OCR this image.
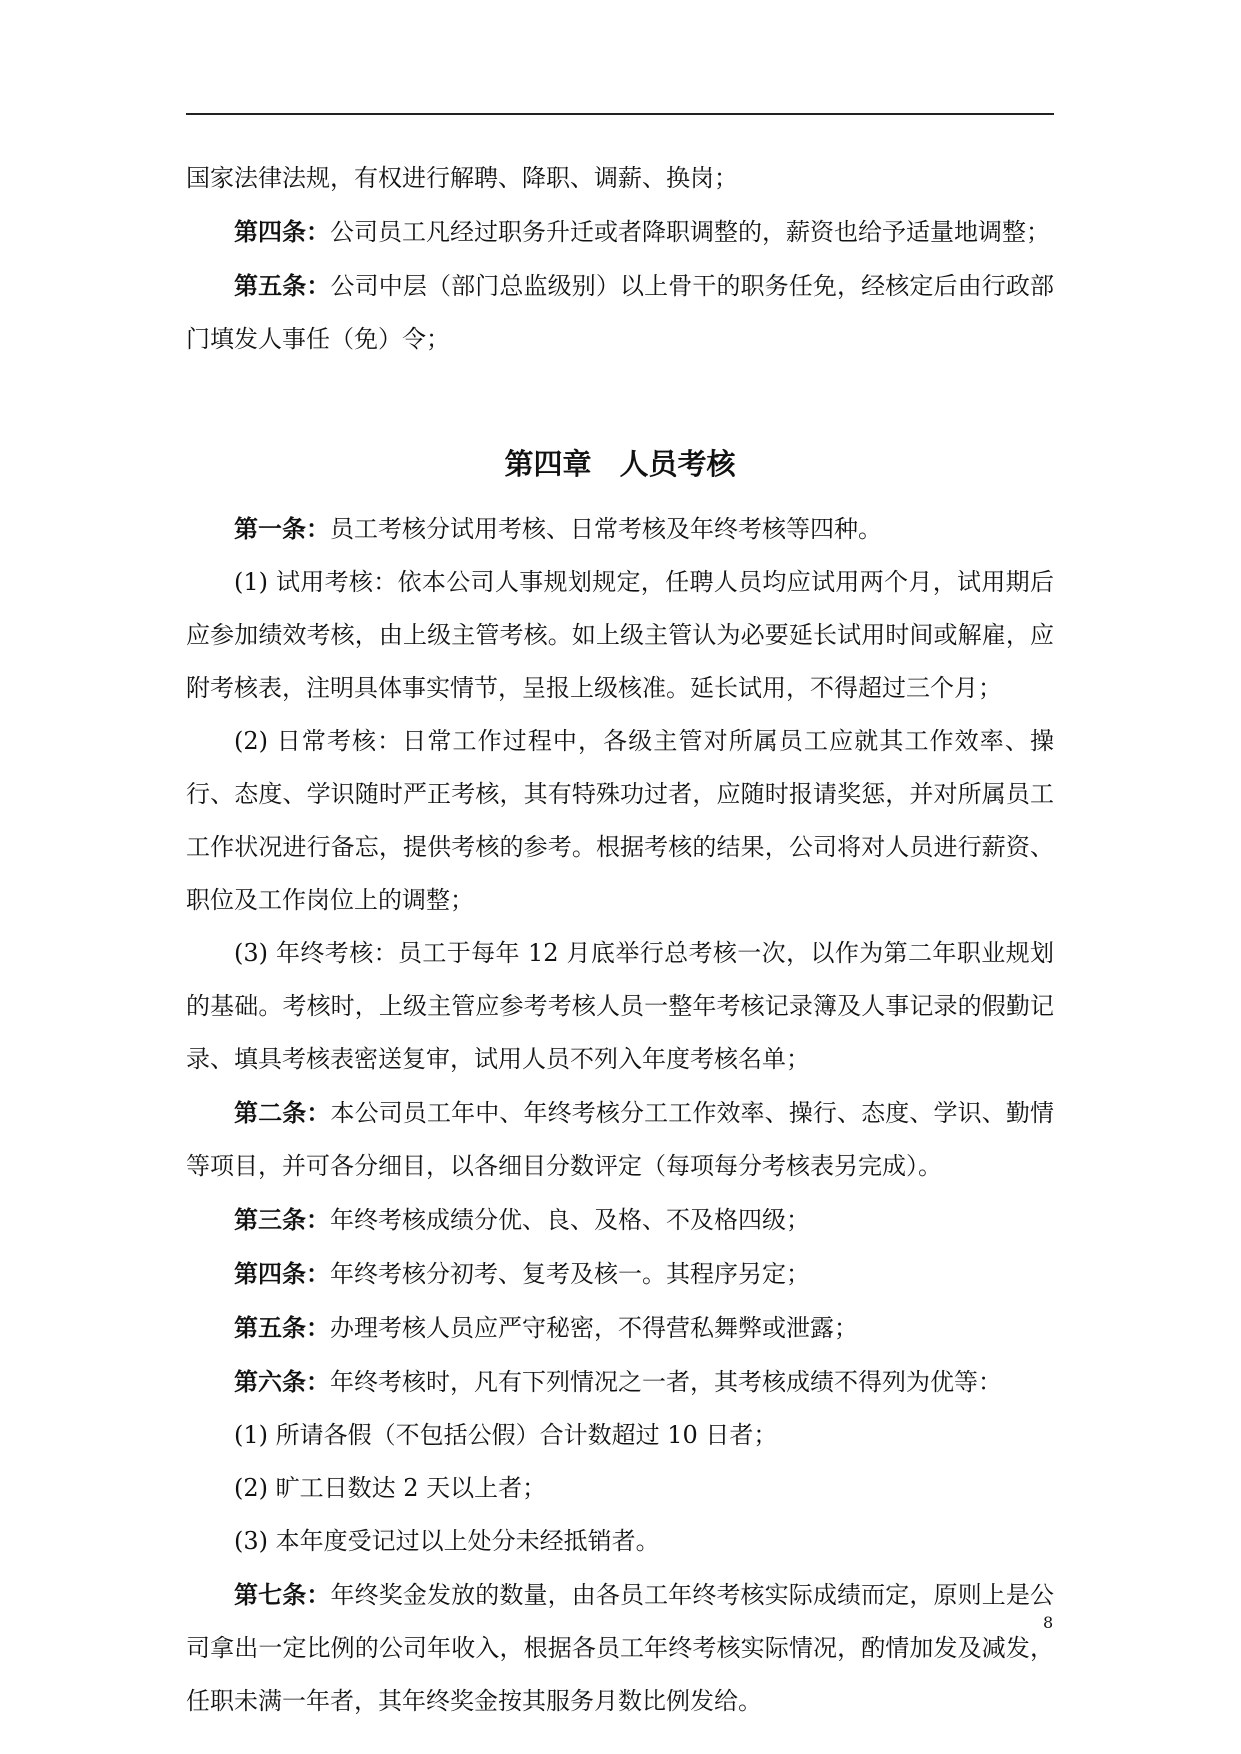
国家法律法规，有权进行解聘、降职、调薪、换岗；

第四条：公司员工凡经过职务升迁或者降职调整的，薪资也给予适量地调整；

第五条：公司中层（部门总监级别）以上骨干的职务任免，经核定后由行政部门填发人事任（免）令；

第四章 人员考核

第一条：员工考核分试用考核、日常考核及年终考核等四种。

(1) 试用考核：依本公司人事规划规定，任聘人员均应试用两个月，试用期后应参加绩效考核，由上级主管考核。如上级主管认为必要延长试用时间或解雇，应附考核表，注明具体事实情节，呈报上级核准。延长试用，不得超过三个月；

(2) 日常考核：日常工作过程中，各级主管对所属员工应就其工作效率、操行、态度、学识随时严正考核，其有特殊功过者，应随时报请奖惩，并对所属员工工作状况进行备忘，提供考核的参考。根据考核的结果，公司将对人员进行薪资、职位及工作岗位上的调整；

(3) 年终考核：员工于每年 12 月底举行总考核一次，以作为第二年职业规划的基础。考核时，上级主管应参考考核人员一整年考核记录簿及人事记录的假勤记录、填具考核表密送复审，试用人员不列入年度考核名单；

第二条：本公司员工年中、年终考核分工工作效率、操行、态度、学识、勤情等项目，并可各分细目，以各细目分数评定（每项每分考核表另完成）。

第三条：年终考核成绩分优、良、及格、不及格四级；

第四条：年终考核分初考、复考及核一。其程序另定；

第五条：办理考核人员应严守秘密，不得营私舞弊或泄露；

第六条：年终考核时，凡有下列情况之一者，其考核成绩不得列为优等：

(1) 所请各假（不包括公假）合计数超过 10 日者；

(2) 旷工日数达 2 天以上者；

(3) 本年度受记过以上处分未经抵销者。

第七条：年终奖金发放的数量，由各员工年终考核实际成绩而定，原则上是公司拿出一定比例的公司年收入，根据各员工年终考核实际情况，酌情加发及减发，任职未满一年者，其年终奖金按其服务月数比例发给。

8
